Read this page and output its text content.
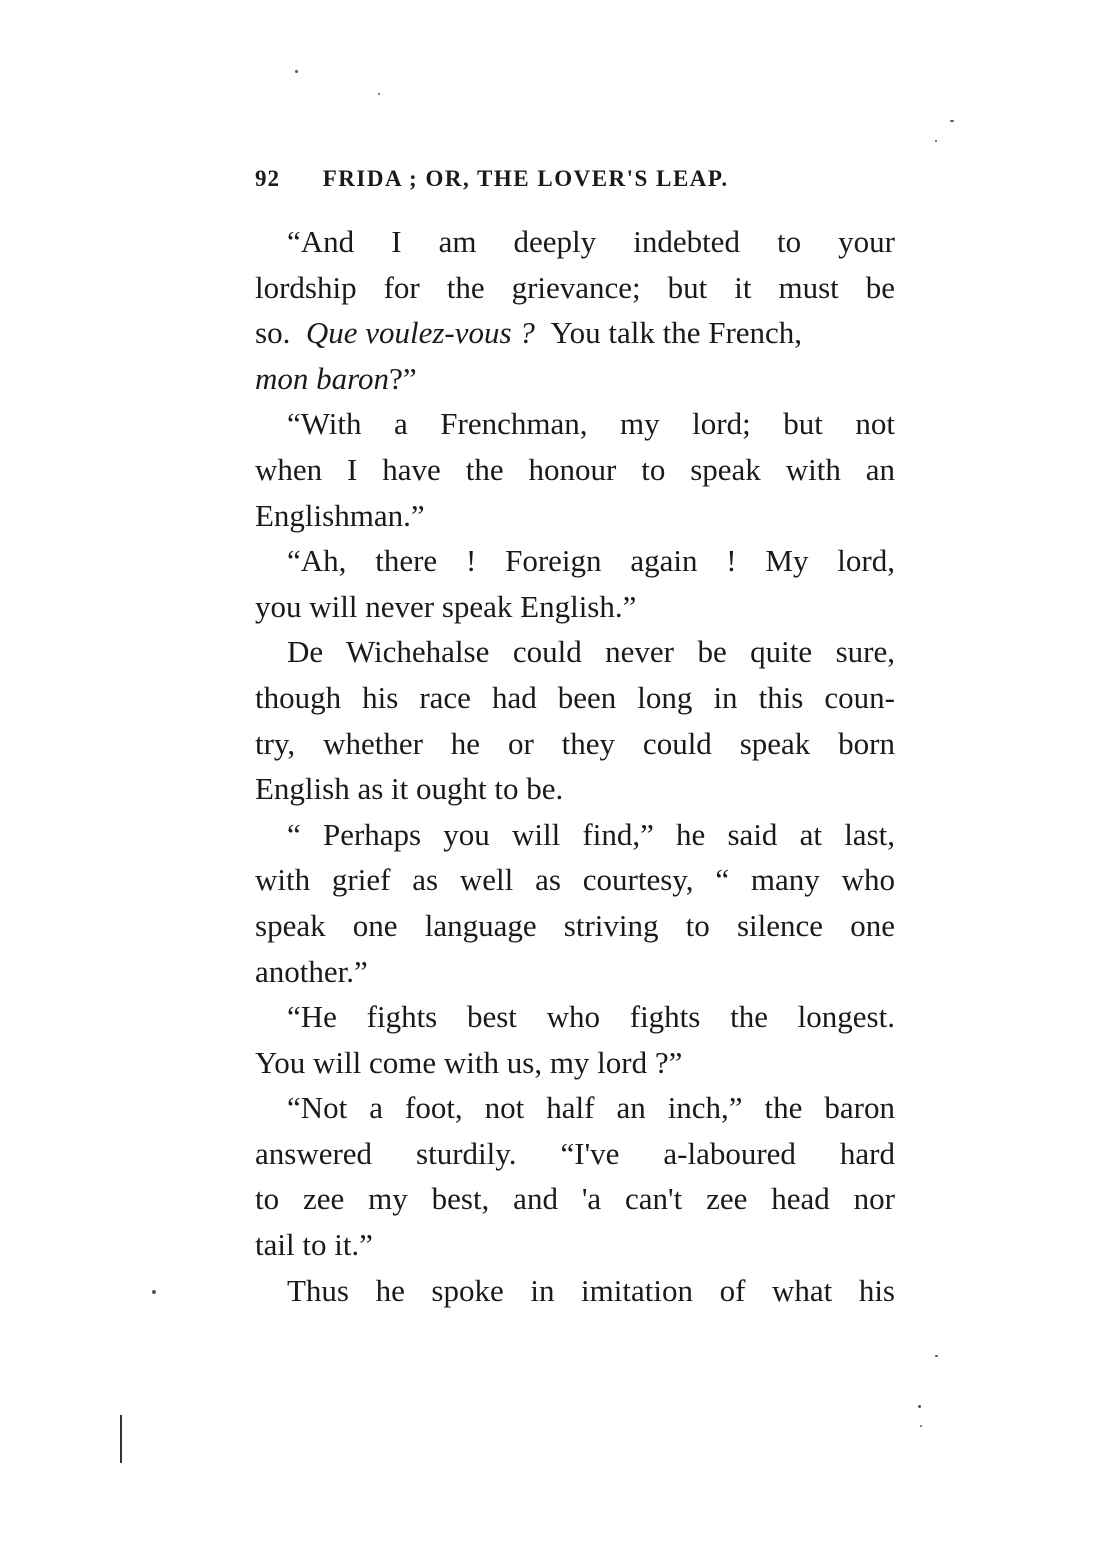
92 FRIDA ; OR, THE LOVER'S LEAP.
“And I am deeply indebted to your
lordship for the grievance; but it must be
so. Que voulez-vous ? You talk the French,
mon baron?”
“With a Frenchman, my lord; but not
when I have the honour to speak with an
Englishman.”
“Ah, there ! Foreign again ! My lord,
you will never speak English.”
De Wichehalse could never be quite sure,
though his race had been long in this coun-
try, whether he or they could speak born
English as it ought to be.
“ Perhaps you will find,” he said at last,
with grief as well as courtesy, “ many who
speak one language striving to silence one
another.”
“He fights best who fights the longest.
You will come with us, my lord ?”
“Not a foot, not half an inch,” the baron
answered sturdily. “I've a-laboured hard
to zee my best, and 'a can't zee head nor
tail to it.”
Thus he spoke in imitation of what his
